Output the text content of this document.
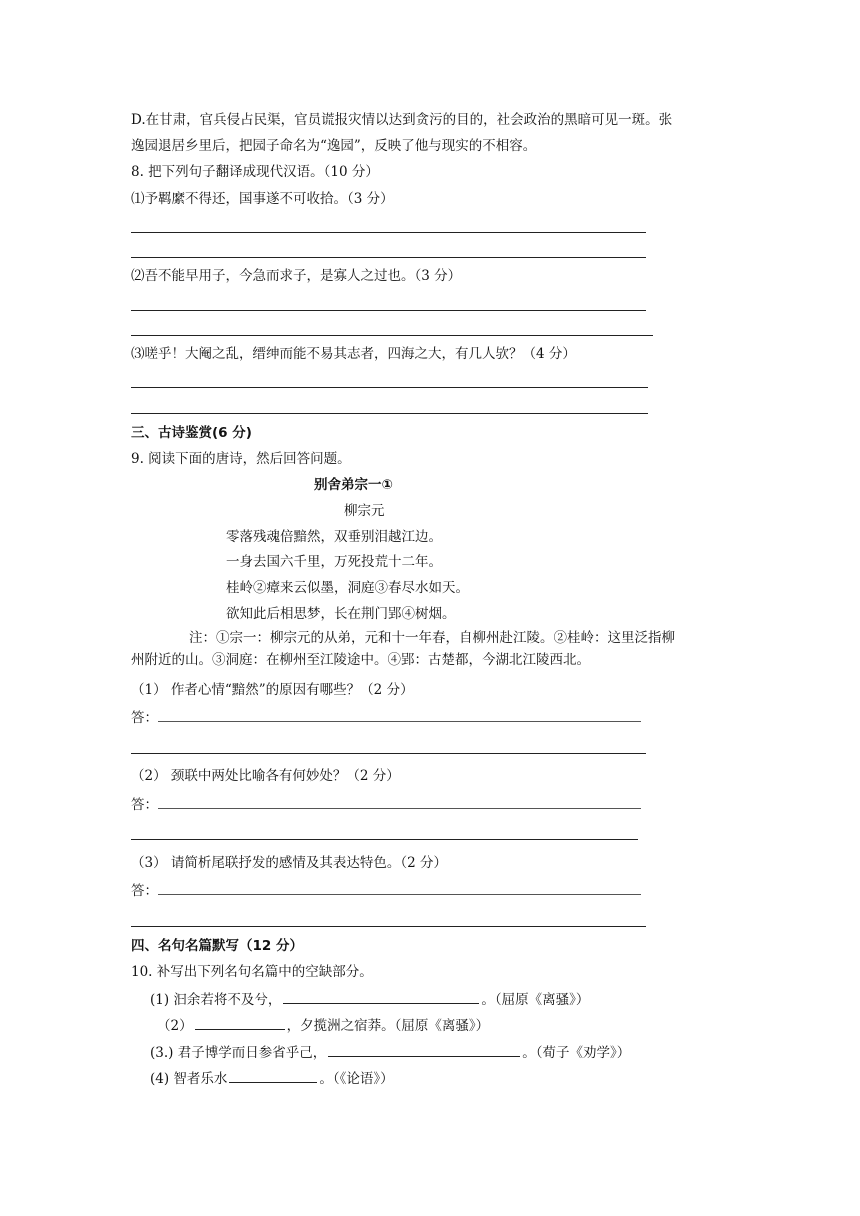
D.在甘肃，官兵侵占民渠，官员谎报灾情以达到贪污的目的，社会政治的黑暗可见一斑。张
逸园退居乡里后，把园子命名为“逸园”，反映了他与现实的不相容。
8. 把下列句子翻译成现代汉语。（10 分）
⑴予羁縻不得还，国事遂不可收拾。（3 分）
⑵吾不能早用子，今急而求子，是寡人之过也。（3 分）
⑶嗟乎！大阉之乱，缙绅而能不易其志者，四海之大，有几人欤？（4 分）
三、古诗鉴赏(6 分)
9. 阅读下面的唐诗，然后回答问题。
别舍弟宗一①
柳宗元
零落残魂倍黯然，双垂别泪越江边。
一身去国六千里，万死投荒十二年。
桂岭②瘴来云似墨，洞庭③春尽水如天。
欲知此后相思梦，长在荆门郢④树烟。
注：①宗一：柳宗元的从弟，元和十一年春，自柳州赴江陵。②桂岭：这里泛指柳
州附近的山。③洞庭：在柳州至江陵途中。④郢：古楚都，今湖北江陵西北。
（1） 作者心情“黯然”的原因有哪些？（2 分）
答：
（2） 颈联中两处比喻各有何妙处？（2 分）
答：
（3） 请简析尾联抒发的感情及其表达特色。（2 分）
答：
四、名句名篇默写（12 分）
10. 补写出下列名句名篇中的空缺部分。
(1) 汩余若将不及兮，	。（屈原《离骚》）
（2）	，夕揽洲之宿莽。（屈原《离骚》）
(3.) 君子博学而日参省乎己，	。（荀子《劝学》）
(4) 智者乐水	。（《论语》）
